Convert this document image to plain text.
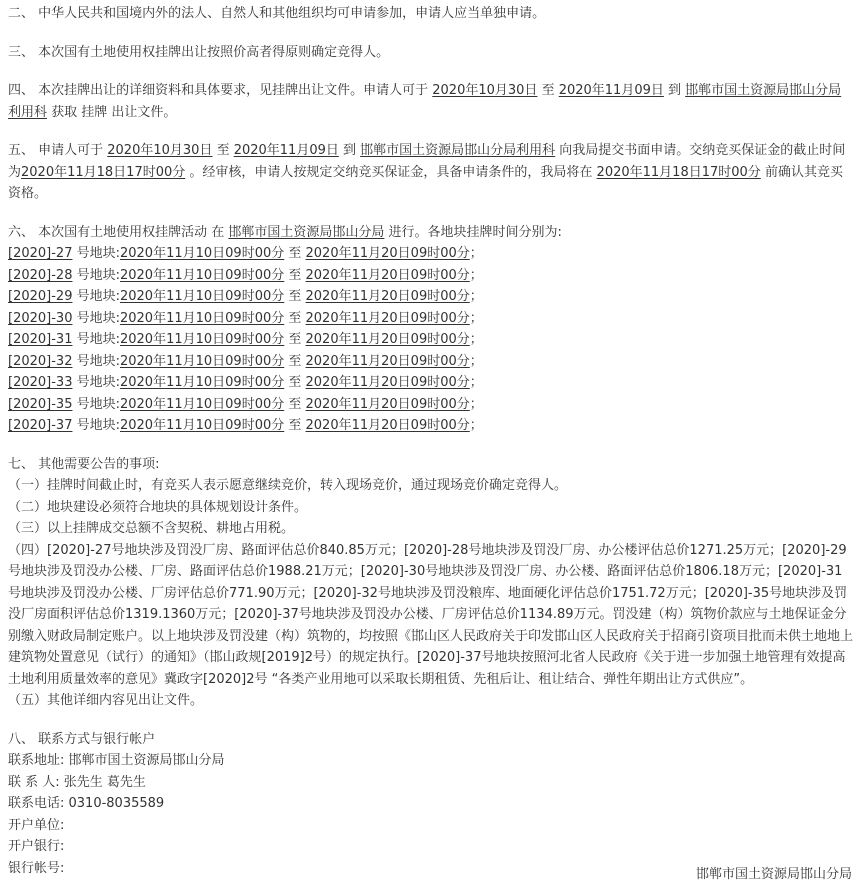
二、 中华人民共和国境内外的法人、自然人和其他组织均可申请参加，申请人应当单独申请。

三、 本次国有土地使用权挂牌出让按照价高者得原则确定竞得人。

四、 本次挂牌出让的详细资料和具体要求，见挂牌出让文件。申请人可于 2020年10月30日 至 2020年11月09日 到 邯郸市国土资源局邯山分局利用科 获取 挂牌 出让文件。

五、 申请人可于 2020年10月30日 至 2020年11月09日 到 邯郸市国土资源局邯山分局利用科 向我局提交书面申请。交纳竞买保证金的截止时间为2020年11月18日17时00分 。经审核，申请人按规定交纳竞买保证金，具备申请条件的，我局将在 2020年11月18日17时00分 前确认其竞买资格。

六、 本次国有土地使用权挂牌活动 在 邯郸市国土资源局邯山分局 进行。各地块挂牌时间分别为:

[2020]-27 号地块:2020年11月10日09时00分 至 2020年11月20日09时00分；
[2020]-28 号地块:2020年11月10日09时00分 至 2020年11月20日09时00分；
[2020]-29 号地块:2020年11月10日09时00分 至 2020年11月20日09时00分；
[2020]-30 号地块:2020年11月10日09时00分 至 2020年11月20日09时00分；
[2020]-31 号地块:2020年11月10日09时00分 至 2020年11月20日09时00分；
[2020]-32 号地块:2020年11月10日09时00分 至 2020年11月20日09时00分；
[2020]-33 号地块:2020年11月10日09时00分 至 2020年11月20日09时00分；
[2020]-35 号地块:2020年11月10日09时00分 至 2020年11月20日09时00分；
[2020]-37 号地块:2020年11月10日09时00分 至 2020年11月20日09时00分；
七、 其他需要公告的事项:
（一）挂牌时间截止时，有竞买人表示愿意继续竞价，转入现场竞价，通过现场竞价确定竞得人。
（二）地块建设必须符合地块的具体规划设计条件。
（三）以上挂牌成交总额不含契税、耕地占用税。
（四）[2020]-27号地块涉及罚没厂房、路面评估总价840.85万元；[2020]-28号地块涉及罚没厂房、办公楼评估总价1271.25万元；[2020]-29号地块涉及罚没办公楼、厂房、路面评估总价1988.21万元；[2020]-30号地块涉及罚没厂房、办公楼、路面评估总价1806.18万元；[2020]-31号地块涉及罚没办公楼、厂房评估总价771.90万元；[2020]-32号地块涉及罚没粮库、地面硬化评估总价1751.72万元；[2020]-35号地块涉及罚没厂房面积评估总价1319.1360万元；[2020]-37号地块涉及罚没办公楼、厂房评估总价1134.89万元。罚没建（构）筑物价款应与土地保证金分别缴入财政局制定账户。以上地块涉及罚没建（构）筑物的，均按照《邯山区人民政府关于印发邯山区人民政府关于招商引资项目批而未供土地地上建筑物处置意见（试行）的通知》（邯山政规[2019]2号）的规定执行。[2020]-37号地块按照河北省人民政府《关于进一步加强土地管理有效提高土地利用质量效率的意见》冀政字[2020]2号 “各类产业用地可以采取长期租赁、先租后让、租让结合、弹性年期出让方式供应”。
（五）其他详细内容见出让文件。
八、 联系方式与银行帐户
联系地址: 邯郸市国土资源局邯山分局
联 系 人: 张先生 葛先生
联系电话: 0310-8035589
开户单位:
开户银行:
银行帐号:	邯郸市国土资源局邯山分局
